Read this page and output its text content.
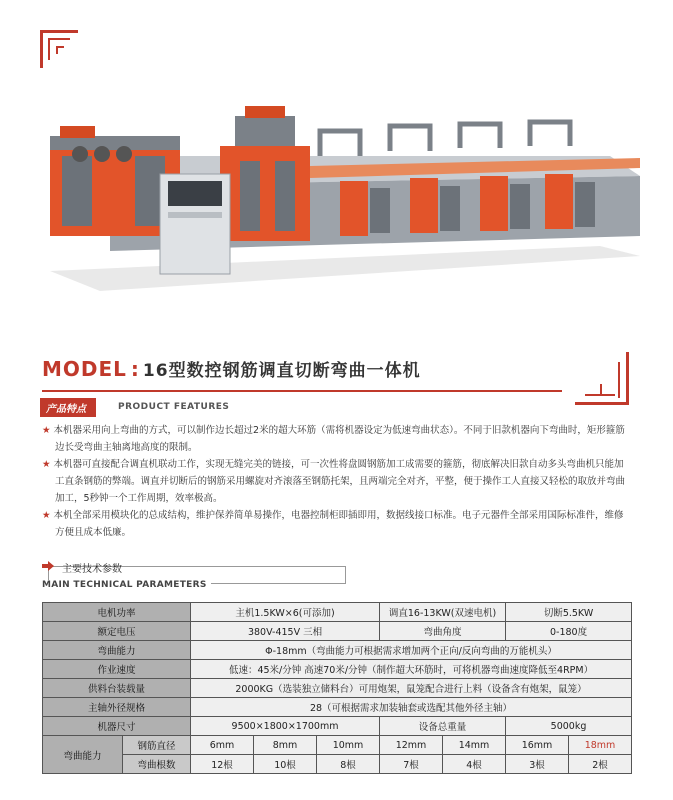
MODEL : 16型数控钢筋调直切断弯曲一体机
产品特点	PRODUCT FEATURES

★ 本机器采用向上弯曲的方式，可以制作边长超过2米的超大环筋（需将机器设定为低速弯曲状态）。不同于旧款机器向下弯曲时，矩形箍筋边长受弯曲主轴离地高度的限制。

★ 本机器可直接配合调直机联动工作，实现无缝完美的链接，可一次性将盘圆钢筋加工成需要的箍筋，彻底解决旧款自动多头弯曲机只能加工直条钢筋的弊端。调直并切断后的钢筋采用螺旋对齐滚落至钢筋托架，且两端完全对齐，平整，便于操作工人直接又轻松的取放并弯曲加工，5秒钟一个工作周期，效率极高。

★ 本机全部采用模块化的总成结构，维护保养简单易操作，电器控制柜即插即用，数据线接口标准。电子元器件全部采用国际标准件，维修方便且成本低廉。

主要技术参数
MAIN TECHNICAL PARAMETERS
电机功率		主机1.5KW×6(可添加)			调直16-13KW(双速电机)		切断5.5KW	
额定电压		380V-415V 三相			弯曲角度		0-180度	
弯曲能力		Φ-18mm（弯曲能力可根据需求增加两个正向/反向弯曲的万能机头）						
作业速度		低速：45米/分钟 高速70米/分钟（制作超大环筋时，可将机器弯曲速度降低至4RPM）						
供料台装载量		2000KG（选装独立储料台）可用炮架，鼠笼配合进行上料（设备含有炮架，鼠笼）						
主轴外径规格		28（可根据需求加装轴套或选配其他外径主轴）						
机器尺寸		9500×1800×1700mm			设备总重量		5000kg	
弯曲能力	钢筋直径	6mm	8mm	10mm	12mm	14mm	16mm	18mm
	弯曲根数	12根	10根	8根	7根	4根	3根	2根
